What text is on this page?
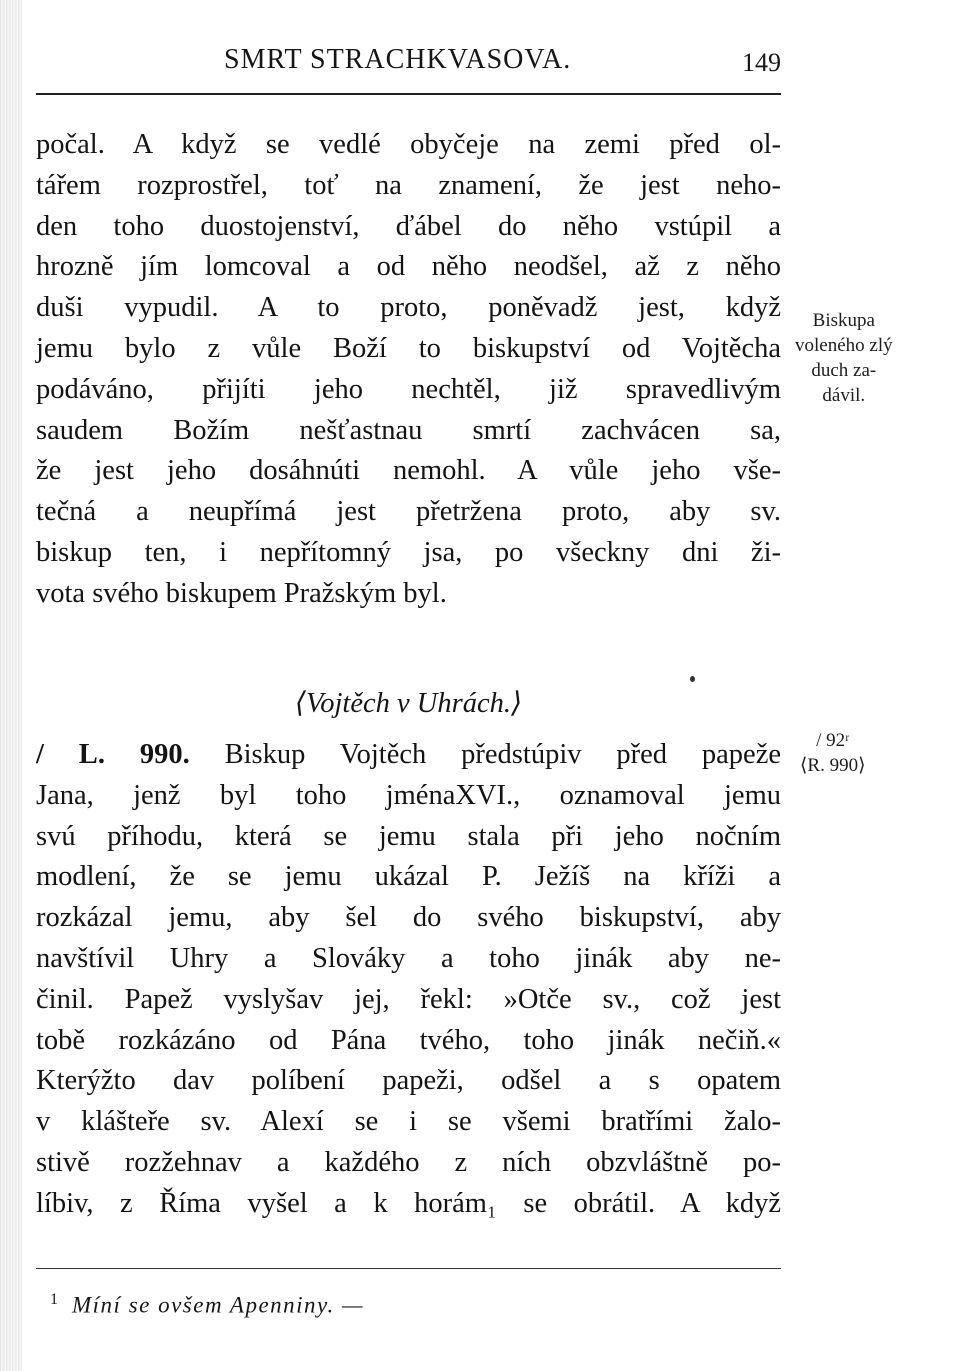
SMRT STRACHKVASOVA.	149
počal. A když se vedlé obyčeje na zemi před ol-
tářem rozprostřel, toť na znamení, že jest neho-
den toho duostojenství, ďábel do něho vstúpil a
hrozně jím lomcoval a od něho neodšel, až z něho
duši vypudil. A to proto, poněvadž jest, když
jemu bylo z vůle Boží to biskupství od Vojtěcha
podáváno, přijíti jeho nechtěl, již spravedlivým
saudem Božím nešťastnau smrtí zachvácen sa,
že jest jeho dosáhnúti nemohl. A vůle jeho vše-
tečná a neupřímá jest přetržena proto, aby sv.
biskup ten, i nepřítomný jsa, po všeckny dni ži-
vota svého biskupem Pražským byl.
Biskupa
voleného zlý
duch za-
dávil.
⟨Vojtěch v Uhrách.⟩
/ L. 990. Biskup Vojtěch předstúpiv před papeže
Jana, jenž byl toho jménaXVI., oznamoval jemu
svú příhodu, která se jemu stala při jeho nočním
modlení, že se jemu ukázal P. Ježíš na kříži a
rozkázal jemu, aby šel do svého biskupství, aby
navštívil Uhry a Slováky a toho jinák aby ne-
činil. Papež vyslyšav jej, řekl: »Otče sv., což jest
tobě rozkázáno od Pána tvého, toho jinák nečiň.«
Kterýžto dav políbení papeži, odšel a s opatem
v klášteře sv. Alexí se i se všemi bratřími žalo-
stivě rozžehnav a každého z ních obzvláštně po-
líbiv, z Říma vyšel a k horám₁ se obrátil. A když
/ 92ʳ
⟨R. 990⟩
$^1$ Míní se ovšem Apenniny. —
